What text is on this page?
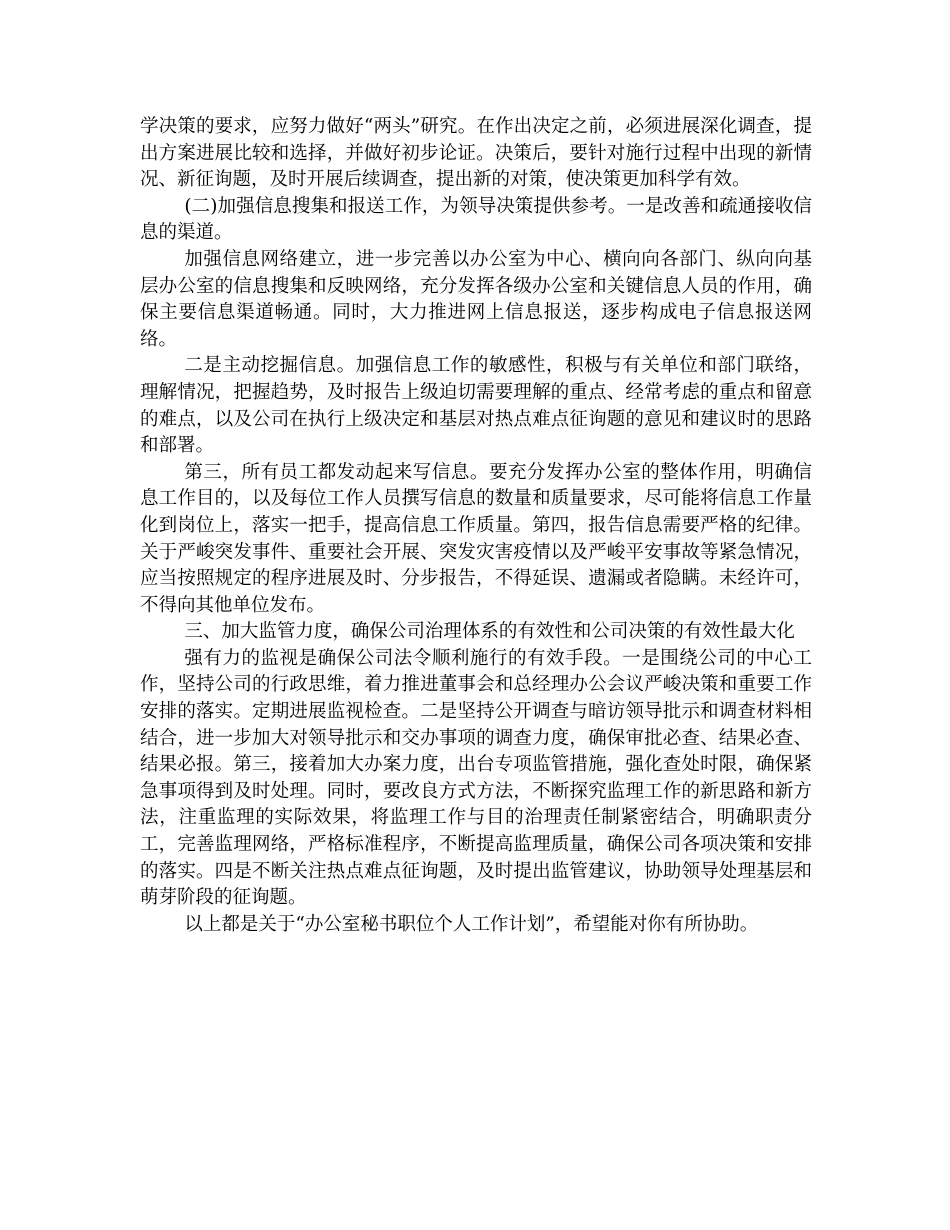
学决策的要求，应努力做好“两头”研究。在作出决定之前，必须进展深化调查，提出方案进展比较和选择，并做好初步论证。决策后，要针对施行过程中出现的新情况、新征询题，及时开展后续调查，提出新的对策，使决策更加科学有效。

(二)加强信息搜集和报送工作，为领导决策提供参考。一是改善和疏通接收信息的渠道。

加强信息网络建立，进一步完善以办公室为中心、横向向各部门、纵向向基层办公室的信息搜集和反映网络，充分发挥各级办公室和关键信息人员的作用，确保主要信息渠道畅通。同时，大力推进网上信息报送，逐步构成电子信息报送网络。

二是主动挖掘信息。加强信息工作的敏感性，积极与有关单位和部门联络，理解情况，把握趋势，及时报告上级迫切需要理解的重点、经常考虑的重点和留意的难点，以及公司在执行上级决定和基层对热点难点征询题的意见和建议时的思路和部署。

第三，所有员工都发动起来写信息。要充分发挥办公室的整体作用，明确信息工作目的，以及每位工作人员撰写信息的数量和质量要求，尽可能将信息工作量化到岗位上，落实一把手，提高信息工作质量。第四，报告信息需要严格的纪律。关于严峻突发事件、重要社会开展、突发灾害疫情以及严峻平安事故等紧急情况，应当按照规定的程序进展及时、分步报告，不得延误、遗漏或者隐瞒。未经许可，不得向其他单位发布。

三、加大监管力度，确保公司治理体系的有效性和公司决策的有效性最大化

强有力的监视是确保公司法令顺利施行的有效手段。一是围绕公司的中心工作，坚持公司的行政思维，着力推进董事会和总经理办公会议严峻决策和重要工作安排的落实。定期进展监视检查。二是坚持公开调查与暗访领导批示和调查材料相结合，进一步加大对领导批示和交办事项的调查力度，确保审批必查、结果必查、结果必报。第三，接着加大办案力度，出台专项监管措施，强化查处时限，确保紧急事项得到及时处理。同时，要改良方式方法，不断探究监理工作的新思路和新方法，注重监理的实际效果，将监理工作与目的治理责任制紧密结合，明确职责分工，完善监理网络，严格标准程序，不断提高监理质量，确保公司各项决策和安排的落实。四是不断关注热点难点征询题，及时提出监管建议，协助领导处理基层和萌芽阶段的征询题。

以上都是关于“办公室秘书职位个人工作计划”，希望能对你有所协助。
